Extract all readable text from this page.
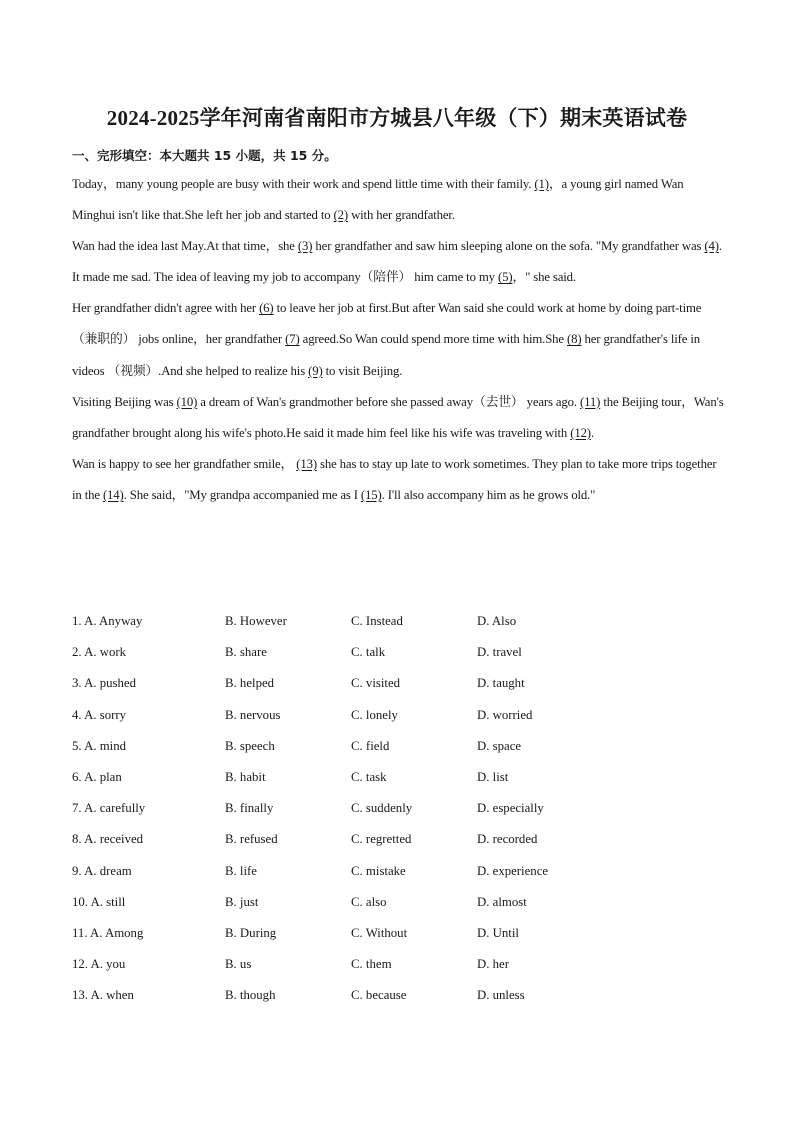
2024-2025学年河南省南阳市方城县八年级（下）期末英语试卷
一、完形填空：本大题共 15 小题，共 15 分。

Today，many young people are busy with their work and spend little time with their family. (1)，a young girl named Wan Minghui isn't like that.She left her job and started to (2) with her grandfather.

Wan had the idea last May.At that time，she (3) her grandfather and saw him sleeping alone on the sofa. "My grandfather was (4). It made me sad. The idea of leaving my job to accompany（陪伴） him came to my (5)，" she said.

Her grandfather didn't agree with her (6) to leave her job at first.But after Wan said she could work at home by doing part-time（兼职的） jobs online，her grandfather (7) agreed.So Wan could spend more time with him.She (8) her grandfather's life in videos （视频）.And she helped to realize his (9) to visit Beijing.

Visiting Beijing was (10) a dream of Wan's grandmother before she passed away（去世） years ago. (11) the Beijing tour，Wan's grandfather brought along his wife's photo.He said it made him feel like his wife was traveling with (12).

Wan is happy to see her grandfather smile， (13) she has to stay up late to work sometimes. They plan to take more trips together in the (14). She said，"My grandpa accompanied me as I (15). I'll also accompany him as he grows old."

1. A. Anyway	B. However	C. Instead	D. Also
2. A. work	B. share	C. talk	D. travel
3. A. pushed	B. helped	C. visited	D. taught
4. A. sorry	B. nervous	C. lonely	D. worried
5. A. mind	B. speech	C. field	D. space
6. A. plan	B. habit	C. task	D. list
7. A. carefully	B. finally	C. suddenly	D. especially
8. A. received	B. refused	C. regretted	D. recorded
9. A. dream	B. life	C. mistake	D. experience
10. A. still	B. just	C. also	D. almost
11. A. Among	B. During	C. Without	D. Until
12. A. you	B. us	C. them	D. her
13. A. when	B. though	C. because	D. unless
